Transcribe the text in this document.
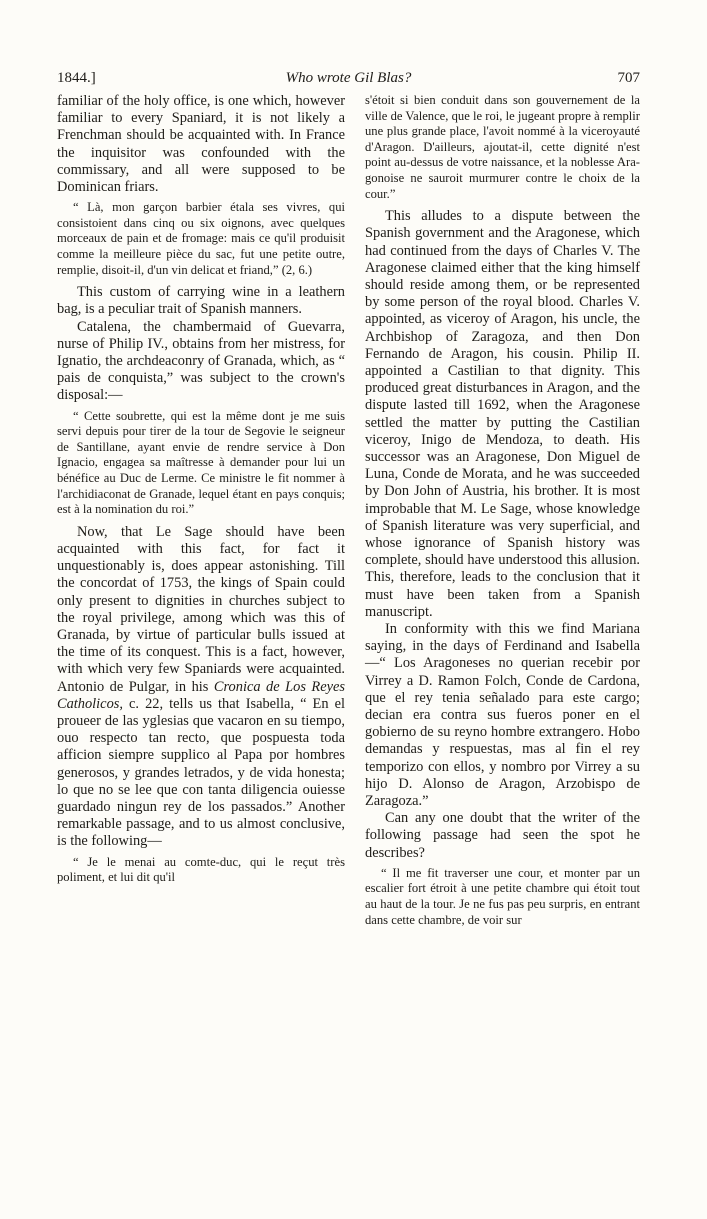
1844.]	Who wrote Gil Blas?	707

familiar of the holy office, is one which, however familiar to every Spaniard, it is not likely a Frenchman should be acquainted with. In France the inquisitor was confounded with the commissary, and all were supposed to be Dominican friars.

“ Là, mon garçon barbier étala ses vivres, qui consistoient dans cinq ou six oignons, avec quelques morceaux de pain et de fromage: mais ce qu'il produisit comme la meilleure pièce du sac, fut une petite outre, remplie, disoit-il, d'un vin delicat et friand,” (2, 6.)

This custom of carrying wine in a leathern bag, is a peculiar trait of Spanish manners.

Catalena, the chambermaid of Guevarra, nurse of Philip IV., obtains from her mistress, for Ignatio, the archdeaconry of Granada, which, as “ pais de conquista,” was subject to the crown's disposal:—

“ Cette soubrette, qui est la même dont je me suis servi depuis pour tirer de la tour de Segovie le seigneur de Santillane, ayant envie de rendre service à Don Ignacio, engagea sa maîtresse à demander pour lui un bénéfice au Duc de Lerme. Ce ministre le fit nommer à l'archidiaconat de Granade, lequel étant en pays conquis; est à la nomination du roi.”

Now, that Le Sage should have been acquainted with this fact, for fact it unquestionably is, does appear astonishing. Till the concordat of 1753, the kings of Spain could only present to dignities in churches subject to the royal privilege, among which was this of Granada, by virtue of particular bulls issued at the time of its conquest. This is a fact, however, with which very few Spaniards were acquainted. Antonio de Pulgar, in his Cronica de Los Reyes Catholicos, c. 22, tells us that Isabella, “ En el proueer de las yglesias que vacaron en su tiempo, ouo respecto tan recto, que pospuesta toda afficion siempre supplico al Papa por hombres generosos, y grandes letrados, y de vida honesta; lo que no se lee que con tanta diligencia ouiesse guardado ningun rey de los passados.” Another remarkable passage, and to us almost conclusive, is the following—

“ Je le menai au comte-duc, qui le reçut très poliment, et lui dit qu'il

s'étoit si bien conduit dans son gouvernement de la ville de Valence, que le roi, le jugeant propre à remplir une plus grande place, l'avoit nommé à la viceroyauté d'Aragon. D'ailleurs, ajoutat-il, cette dignité n'est point au-dessus de votre naissance, et la noblesse Aragonoise ne sauroit murmurer contre le choix de la cour.”

This alludes to a dispute between the Spanish government and the Aragonese, which had continued from the days of Charles V. The Aragonese claimed either that the king himself should reside among them, or be represented by some person of the royal blood. Charles V. appointed, as viceroy of Aragon, his uncle, the Archbishop of Zaragoza, and then Don Fernando de Aragon, his cousin. Philip II. appointed a Castilian to that dignity. This produced great disturbances in Aragon, and the dispute lasted till 1692, when the Aragonese settled the matter by putting the Castilian viceroy, Inigo de Mendoza, to death. His successor was an Aragonese, Don Miguel de Luna, Conde de Morata, and he was succeeded by Don John of Austria, his brother. It is most improbable that M. Le Sage, whose knowledge of Spanish literature was very superficial, and whose ignorance of Spanish history was complete, should have understood this allusion. This, therefore, leads to the conclusion that it must have been taken from a Spanish manuscript.

In conformity with this we find Mariana saying, in the days of Ferdinand and Isabella—“ Los Aragoneses no querian recebir por Virrey a D. Ramon Folch, Conde de Cardona, que el rey tenia señalado para este cargo; decian era contra sus fueros poner en el gobierno de su reyno hombre extrangero. Hobo demandas y respuestas, mas al fin el rey temporizo con ellos, y nombro por Virrey a su hijo D. Alonso de Aragon, Arzobispo de Zaragoza.”

Can any one doubt that the writer of the following passage had seen the spot he describes?

“ Il me fit traverser une cour, et monter par un escalier fort étroit à une petite chambre qui étoit tout au haut de la tour. Je ne fus pas peu surpris, en entrant dans cette chambre, de voir sur
